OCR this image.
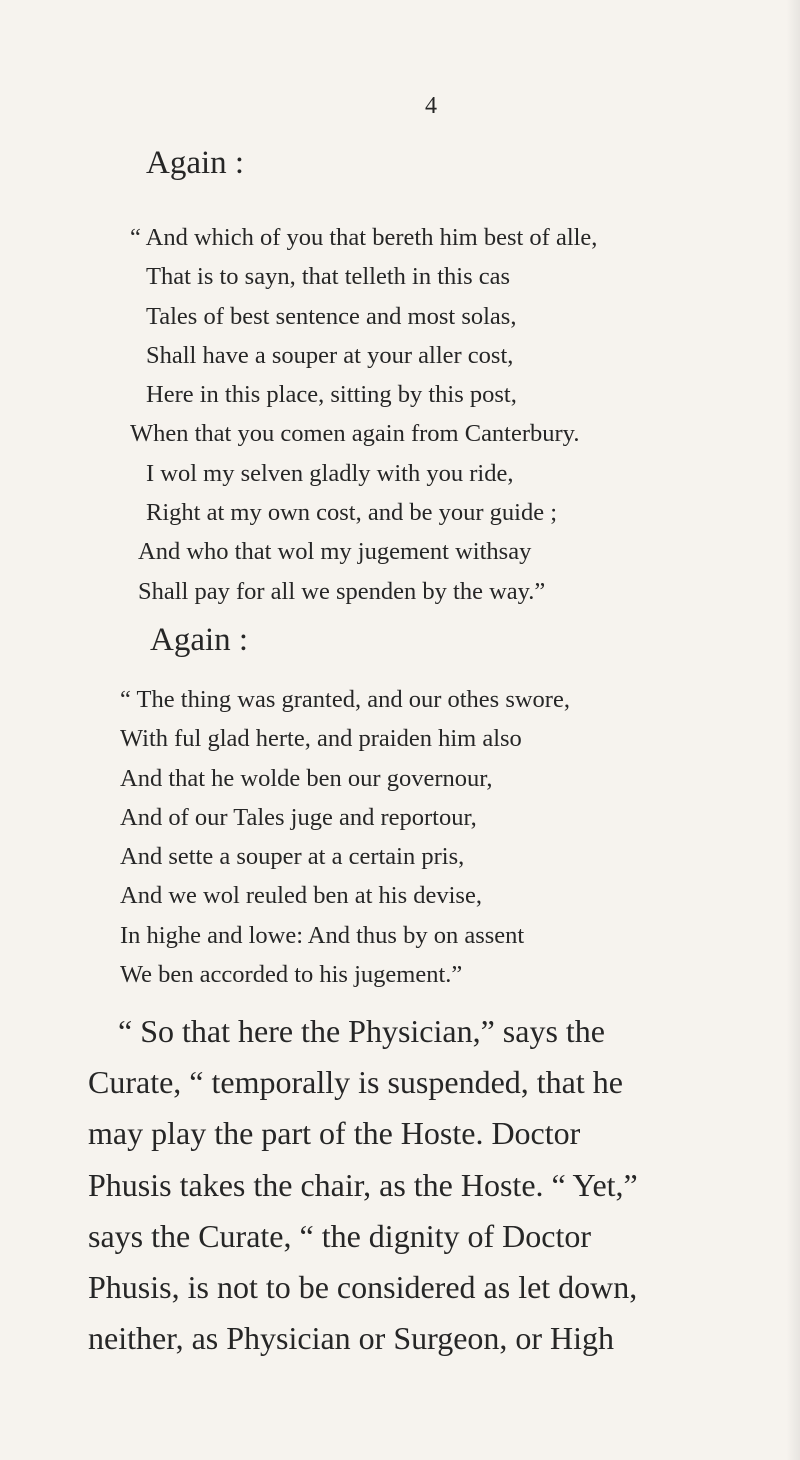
4
Again :
“ And which of you that bereth him best of alle,
That is to sayn, that telleth in this cas
Tales of best sentence and most solas,
Shall have a souper at your aller cost,
Here in this place, sitting by this post,
When that you comen again from Canterbury.
I wol my selven gladly with you ride,
Right at my own cost, and be your guide ;
And who that wol my jugement withsay
Shall pay for all we spenden by the way.”
Again :
“ The thing was granted, and our othes swore,
With ful glad herte, and praiden him also
And that he wolde ben our governour,
And of our Tales juge and reportour,
And sette a souper at a certain pris,
And we wol reuled ben at his devise,
In highe and lowe: And thus by on assent
We ben accorded to his jugement.”
“ So that here the Physician,” says the
Curate, “ temporally is suspended, that he
may play the part of the Hoste. Doctor
Phusis takes the chair, as the Hoste. “ Yet,”
says the Curate, “ the dignity of Doctor
Phusis, is not to be considered as let down,
neither, as Physician or Surgeon, or High
